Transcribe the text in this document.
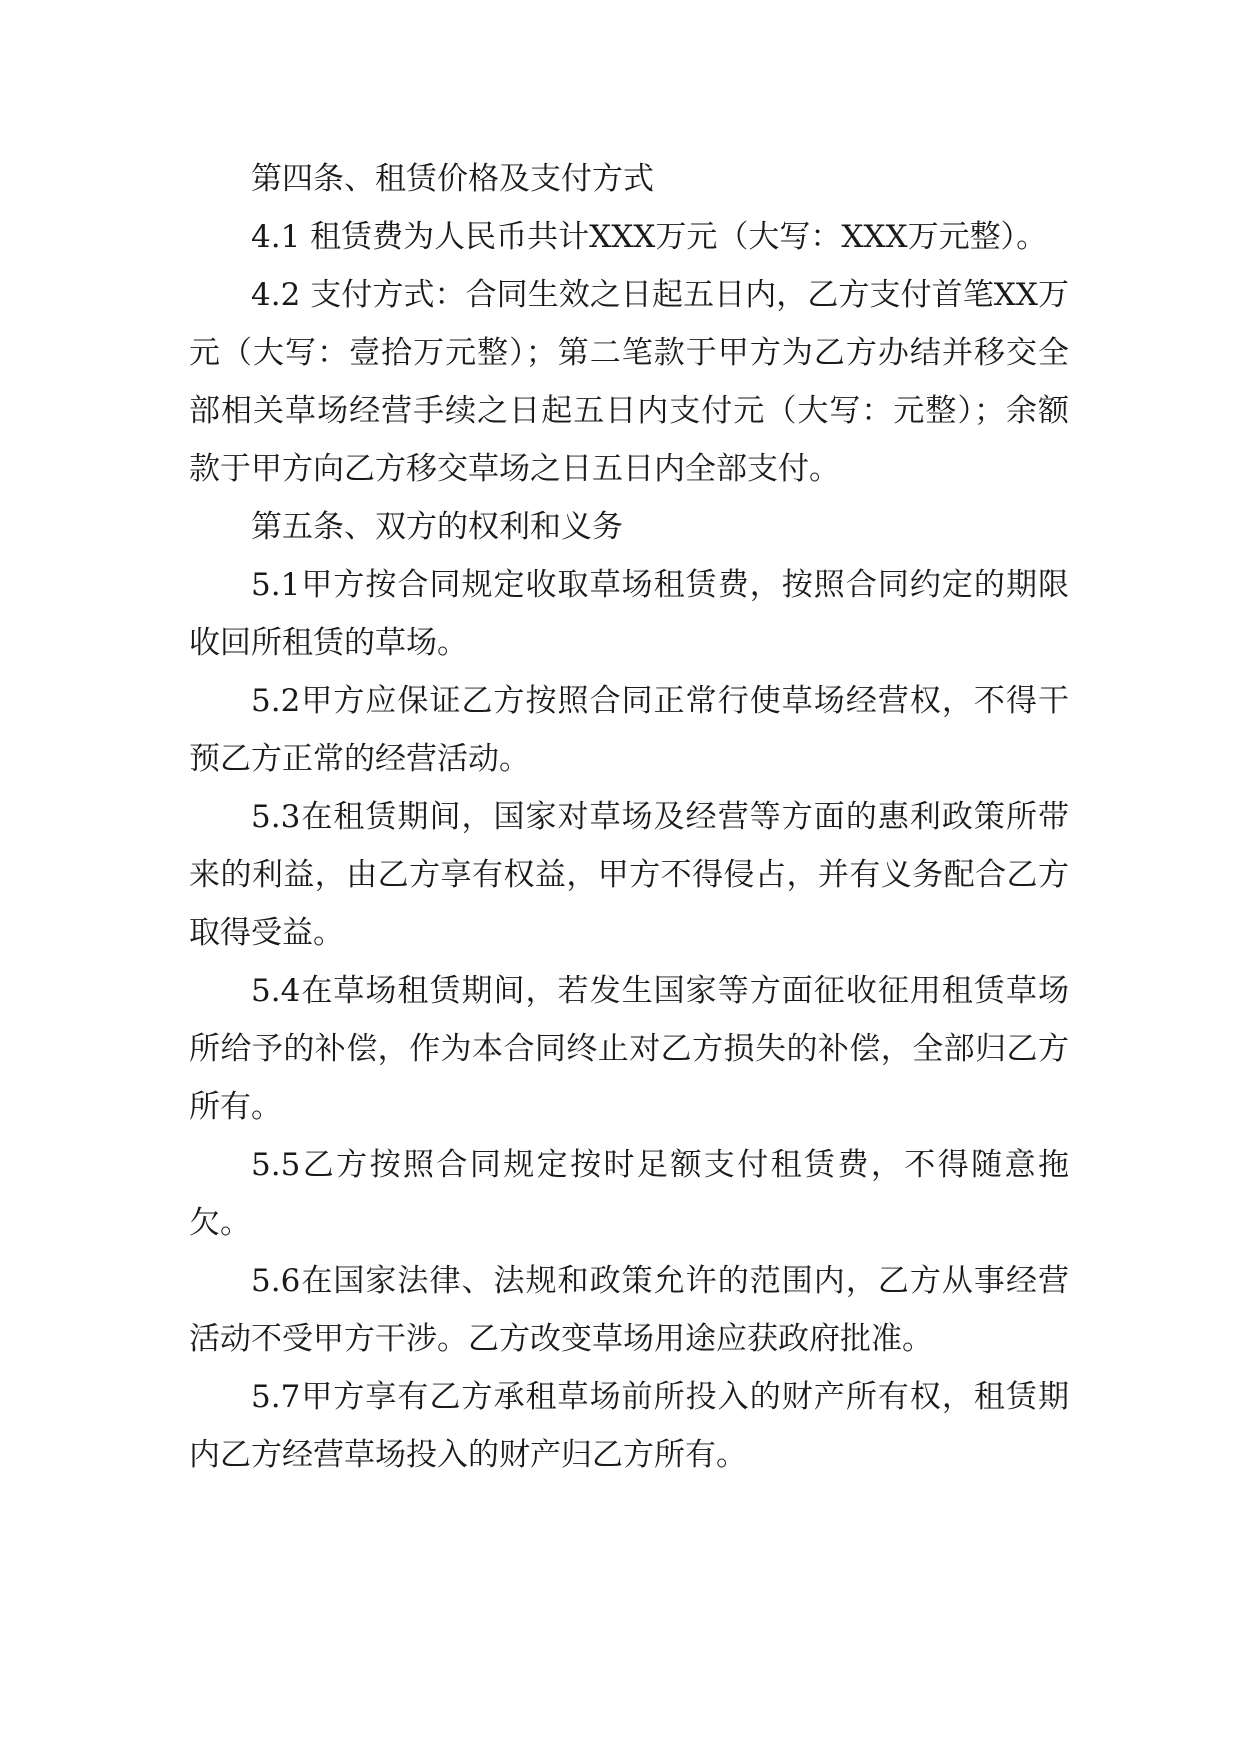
第四条、租赁价格及支付方式

4.1 租赁费为人民币共计XXX万元（大写：XXX万元整）。

4.2 支付方式：合同生效之日起五日内，乙方支付首笔XX万元（大写：壹拾万元整）；第二笔款于甲方为乙方办结并移交全部相关草场经营手续之日起五日内支付元（大写：元整）；余额款于甲方向乙方移交草场之日五日内全部支付。

第五条、双方的权利和义务

5.1甲方按合同规定收取草场租赁费，按照合同约定的期限收回所租赁的草场。

5.2甲方应保证乙方按照合同正常行使草场经营权，不得干预乙方正常的经营活动。

5.3在租赁期间，国家对草场及经营等方面的惠利政策所带来的利益，由乙方享有权益，甲方不得侵占，并有义务配合乙方取得受益。

5.4在草场租赁期间，若发生国家等方面征收征用租赁草场所给予的补偿，作为本合同终止对乙方损失的补偿，全部归乙方所有。

5.5乙方按照合同规定按时足额支付租赁费，不得随意拖欠。

5.6在国家法律、法规和政策允许的范围内，乙方从事经营活动不受甲方干涉。乙方改变草场用途应获政府批准。

5.7甲方享有乙方承租草场前所投入的财产所有权，租赁期内乙方经营草场投入的财产归乙方所有。
